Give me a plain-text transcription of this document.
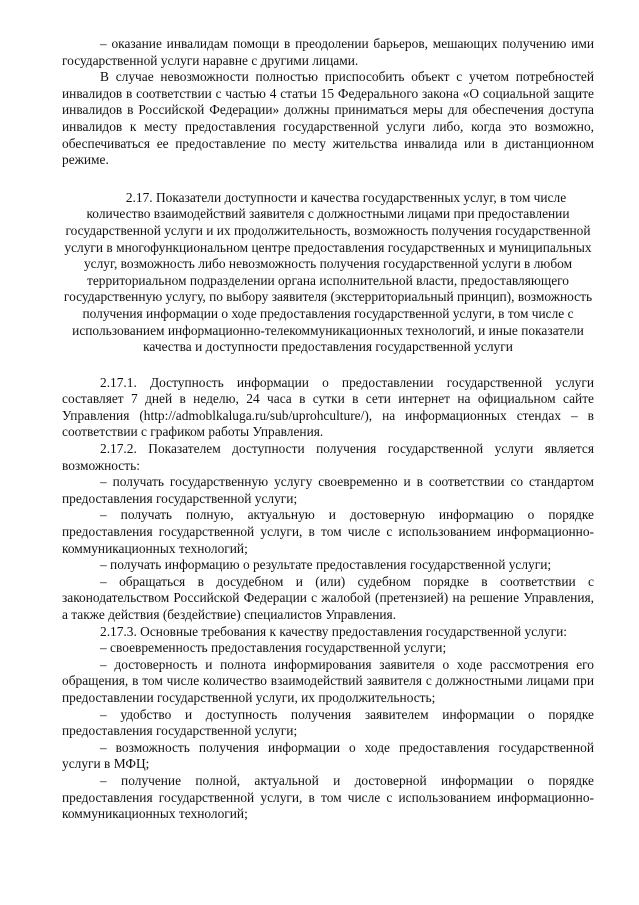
– оказание инвалидам помощи в преодолении барьеров, мешающих получению ими государственной услуги наравне с другими лицами.

В случае невозможности полностью приспособить объект с учетом потребностей инвалидов в соответствии с частью 4 статьи 15 Федерального закона «О социальной защите инвалидов в Российской Федерации» должны приниматься меры для обеспечения доступа инвалидов к месту предоставления государственной услуги либо, когда это возможно, обеспечиваться ее предоставление по месту жительства инвалида или в дистанционном режиме.

2.17. Показатели доступности и качества государственных услуг, в том числе количество взаимодействий заявителя с должностными лицами при предоставлении государственной услуги и их продолжительность, возможность получения государственной услуги в многофункциональном центре предоставления государственных и муниципальных услуг, возможность либо невозможность получения государственной услуги в любом территориальном подразделении органа исполнительной власти, предоставляющего государственную услугу, по выбору заявителя (экстерриториальный принцип), возможность получения информации о ходе предоставления государственной услуги, в том числе с использованием информационно-телекоммуникационных технологий, и иные показатели качества и доступности предоставления государственной услуги

2.17.1. Доступность информации о предоставлении государственной услуги составляет 7 дней в неделю, 24 часа в сутки в сети интернет на официальном сайте Управления (http://admoblkaluga.ru/sub/uprohculture/), на информационных стендах – в соответствии с графиком работы Управления.

2.17.2. Показателем доступности получения государственной услуги является возможность:

– получать государственную услугу своевременно и в соответствии со стандартом предоставления государственной услуги;

– получать полную, актуальную и достоверную информацию о порядке предоставления государственной услуги, в том числе с использованием информационно-коммуникационных технологий;

– получать информацию о результате предоставления государственной услуги;

– обращаться в досудебном и (или) судебном порядке в соответствии с законодательством Российской Федерации с жалобой (претензией) на решение Управления, а также действия (бездействие) специалистов Управления.

2.17.3. Основные требования к качеству предоставления государственной услуги:

– своевременность предоставления государственной услуги;

– достоверность и полнота информирования заявителя о ходе рассмотрения его обращения, в том числе количество взаимодействий заявителя с должностными лицами при предоставлении государственной услуги, их продолжительность;

– удобство и доступность получения заявителем информации о порядке предоставления государственной услуги;

– возможность получения информации о ходе предоставления государственной услуги в МФЦ;

– получение полной, актуальной и достоверной информации о порядке предоставления государственной услуги, в том числе с использованием информационно-коммуникационных технологий;
